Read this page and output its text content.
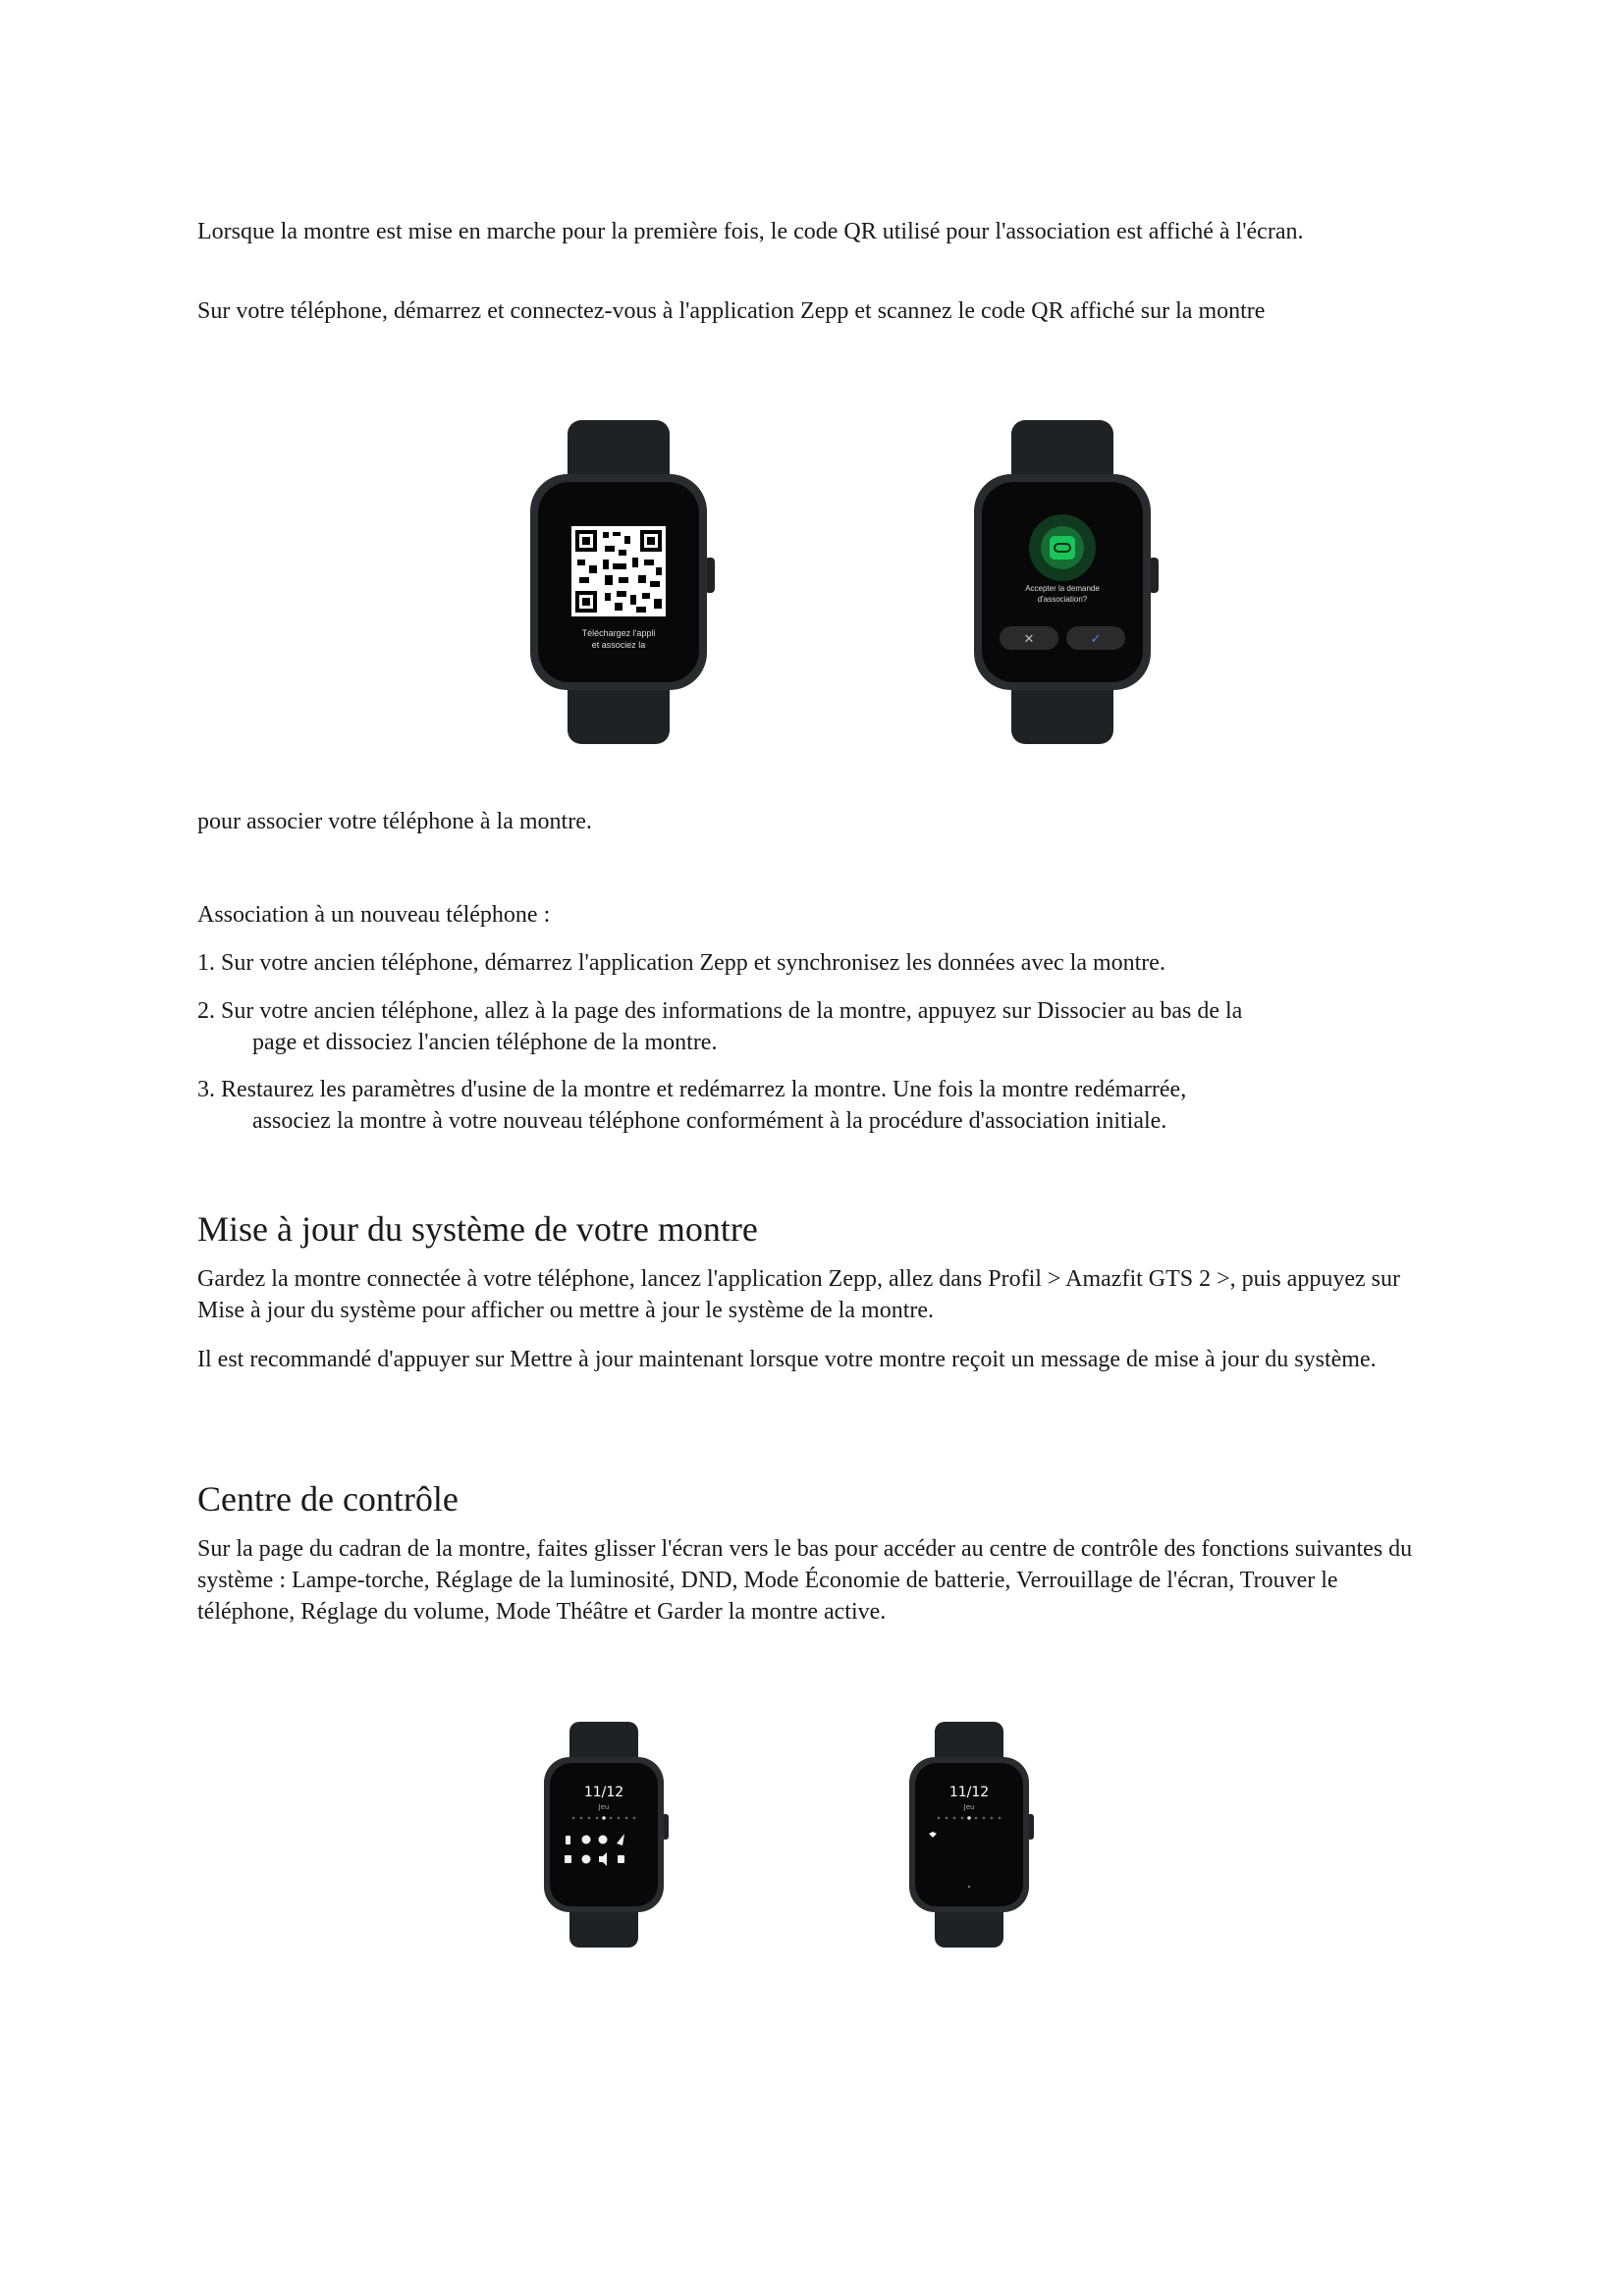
Lorsque la montre est mise en marche pour la première fois, le code QR utilisé pour l'association est affiché à l'écran.

Sur votre téléphone, démarrez et connectez-vous à l'application Zepp et scannez le code QR affiché sur la montre

Téléchargez l'appli
et associez la
Accepter la demande
d'association?
✕	✓

pour associer votre téléphone à la montre.

Association à un nouveau téléphone :

1. Sur votre ancien téléphone, démarrez l'application Zepp et synchronisez les données avec la montre.
2. Sur votre ancien téléphone, allez à la page des informations de la montre, appuyez sur Dissocier au bas de la
page et dissociez l'ancien téléphone de la montre.
3. Restaurez les paramètres d'usine de la montre et redémarrez la montre. Une fois la montre redémarrée,
associez la montre à votre nouveau téléphone conformément à la procédure d'association initiale.
Mise à jour du système de votre montre

Gardez la montre connectée à votre téléphone, lancez l'application Zepp, allez dans Profil > Amazfit GTS 2 >, puis appuyez sur Mise à jour du système pour afficher ou mettre à jour le système de la montre.

Il est recommandé d'appuyer sur Mettre à jour maintenant lorsque votre montre reçoit un message de mise à jour du système.

Centre de contrôle

Sur la page du cadran de la montre, faites glisser l'écran vers le bas pour accéder au centre de contrôle des fonctions suivantes du système : Lampe-torche, Réglage de la luminosité, DND, Mode Économie de batterie, Verrouillage de l'écran, Trouver le téléphone, Réglage du volume, Mode Théâtre et Garder la montre active.

11/12
Jeu
11/12
Jeu
